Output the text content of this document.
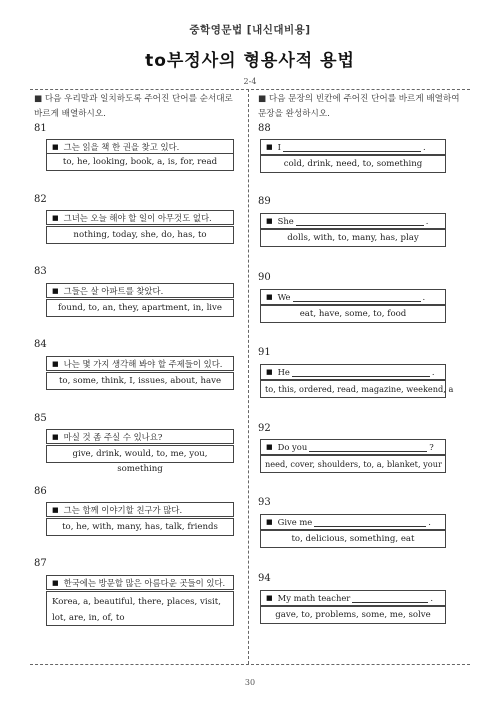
중학영문법 [내신대비용]
to부정사의 형용사적 용법
2-4
■ 다음 우리말과 일치하도록 주어진 단어를 순서대로 바르게 배열하시오.
■ 다음 문장의 빈칸에 주어진 단어를 바르게 배열하여 문장을 완성하시오.
81
■ 그는 읽을 책 한 권을 찾고 있다.
to, he, looking, book, a, is, for, read
82
■ 그녀는 오늘 해야 할 일이 아무것도 없다.
nothing, today, she, do, has, to
83
■ 그들은 살 아파트를 찾았다.
found, to, an, they, apartment, in, live
84
■ 나는 몇 가지 생각해 봐야 할 주제들이 있다.
to, some, think, I, issues, about, have
85
■ 마실 것 좀 주실 수 있나요?
give, drink, would, to, me, you, something
86
■ 그는 함께 이야기할 친구가 많다.
to, he, with, many, has, talk, friends
87
■ 한국에는 방문할 많은 아름다운 곳들이 있다.
Korea, a, beautiful, there, places, visit, lot, are, in, of, to
88
■ I	.
cold, drink, need, to, something
89
■ She	.
dolls, with, to, many, has, play
90
■ We	.
eat, have, some, to, food
91
■ He	.
to, this, ordered, read, magazine, weekend, a
92
■ Do you	?
need, cover, shoulders, to, a, blanket, your
93
■ Give me	.
to, delicious, something, eat
94
■ My math teacher	.
gave, to, problems, some, me, solve
30
